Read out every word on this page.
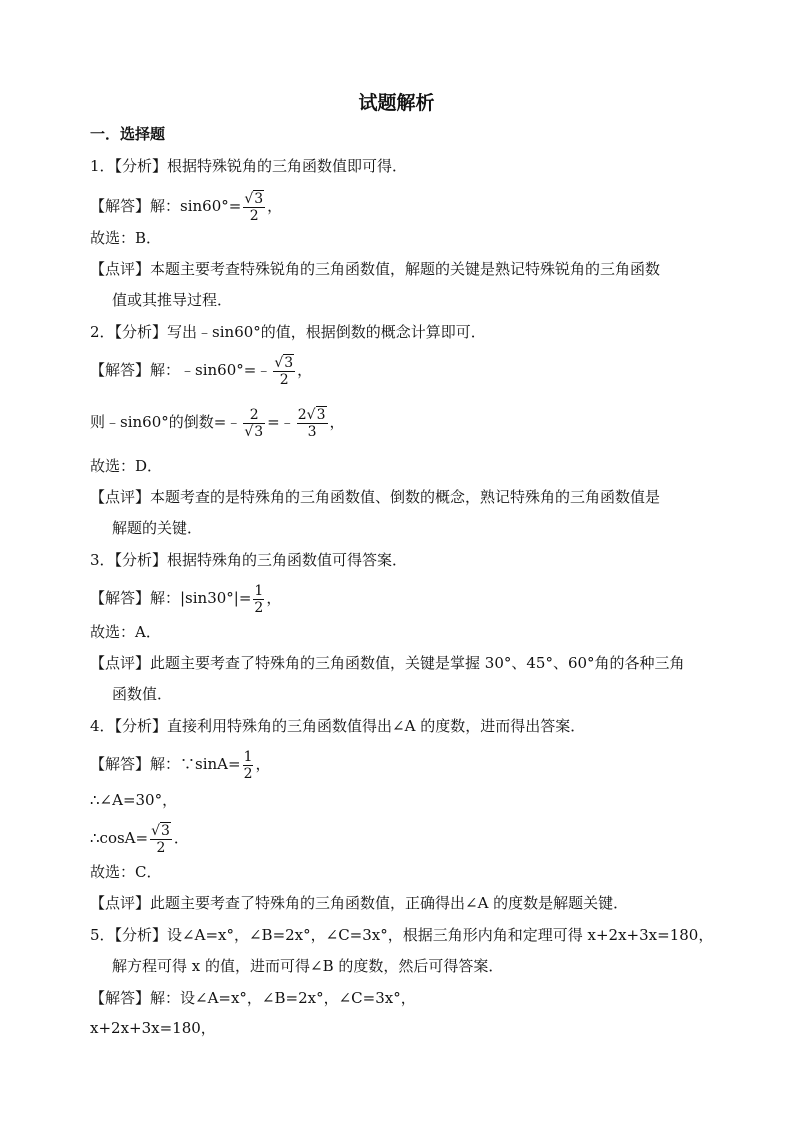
试题解析
一．选择题
1．【分析】根据特殊锐角的三角函数值即可得．
【解答】解：$\sin 60^\circ= \frac{√3}{2}$ ，
故选：B．
【点评】本题主要考查特殊锐角的三角函数值，解题的关键是熟记特殊锐角的三角函数
值或其推导过程．
2．【分析】写出﹣sin60°的值，根据倒数的概念计算即可．
【解答】解：﹣sin60°=﹣ $\frac{√3}{2}$ ，
则﹣sin60°的倒数=﹣ $\frac{2}{√3}$ =﹣ $\frac{2√3}{3}$ ，
故选：D．
【点评】本题考查的是特殊角的三角函数值、倒数的概念，熟记特殊角的三角函数值是
解题的关键．
3．【分析】根据特殊角的三角函数值可得答案．
【解答】解：$|\sin 30^\circ|= \frac{1}{2}$ ，
故选：A．
【点评】此题主要考查了特殊角的三角函数值，关键是掌握 30°、45°、60°角的各种三角
函数值．
4．【分析】直接利用特殊角的三角函数值得出∠A 的度数，进而得出答案．
【解答】解：∵sinA= $\frac{1}{2}$ ，
∴∠A=30°，
∴cosA= $\frac{√3}{2}$ ．
故选：C．
【点评】此题主要考查了特殊角的三角函数值，正确得出∠A 的度数是解题关键．
5．【分析】设∠A=x°，∠B=2x°，∠C=3x°，根据三角形内角和定理可得 x+2x+3x=180，
解方程可得 x 的值，进而可得∠B 的度数，然后可得答案．
【解答】解：设∠A=x°，∠B=2x°，∠C=3x°，
x+2x+3x=180，
